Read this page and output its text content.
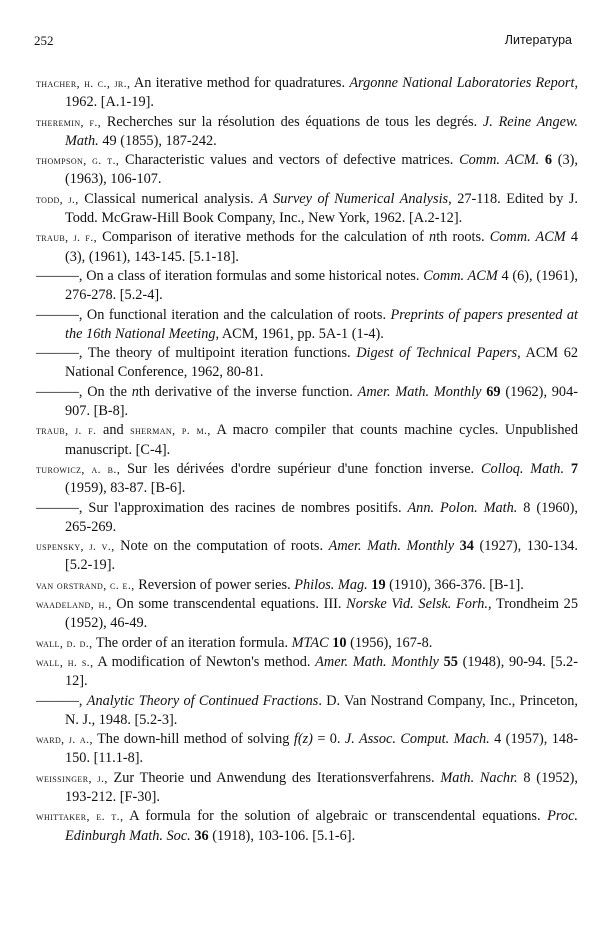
252	Литература

thacher, h. c., jr., An iterative method for quadratures. Argonne National Laboratories Report, 1962. [A.1-19].

theremin, f., Recherches sur la résolution des équations de tous les degrés. J. Reine Angew. Math. 49 (1855), 187-242.

thompson, g. t., Characteristic values and vectors of defective matrices. Comm. ACM. 6 (3), (1963), 106-107.

todd, j., Classical numerical analysis. A Survey of Numerical Analysis, 27-118. Edited by J. Todd. McGraw-Hill Book Company, Inc., New York, 1962. [A.2-12].

traub, j. f., Comparison of iterative methods for the calculation of nth roots. Comm. ACM 4 (3), (1961), 143-145. [5.1-18].

———, On a class of iteration formulas and some historical notes. Comm. ACM 4 (6), (1961), 276-278. [5.2-4].

———, On functional iteration and the calculation of roots. Preprints of papers presented at the 16th National Meeting, ACM, 1961, pp. 5A-1 (1-4).

———, The theory of multipoint iteration functions. Digest of Technical Papers, ACM 62 National Conference, 1962, 80-81.

———, On the nth derivative of the inverse function. Amer. Math. Monthly 69 (1962), 904-907. [B-8].

traub, j. f. and sherman, p. m., A macro compiler that counts machine cycles. Unpublished manuscript. [C-4].

turowicz, a. b., Sur les dérivées d'ordre supérieur d'une fonction inverse. Colloq. Math. 7 (1959), 83-87. [B-6].

———, Sur l'approximation des racines de nombres positifs. Ann. Polon. Math. 8 (1960), 265-269.

uspensky, j. v., Note on the computation of roots. Amer. Math. Monthly 34 (1927), 130-134. [5.2-19].

van orstrand, c. e., Reversion of power series. Philos. Mag. 19 (1910), 366-376. [B-1].

waadeland, h., On some transcendental equations. III. Norske Vid. Selsk. Forh., Trondheim 25 (1952), 46-49.

wall, d. d., The order of an iteration formula. MTAC 10 (1956), 167-8.

wall, h. s., A modification of Newton's method. Amer. Math. Monthly 55 (1948), 90-94. [5.2-12].

———, Analytic Theory of Continued Fractions. D. Van Nostrand Company, Inc., Princeton, N. J., 1948. [5.2-3].

ward, j. a., The down-hill method of solving f(z) = 0. J. Assoc. Comput. Mach. 4 (1957), 148-150. [11.1-8].

weissinger, j., Zur Theorie und Anwendung des Iterationsverfahrens. Math. Nachr. 8 (1952), 193-212. [F-30].

whittaker, e. t., A formula for the solution of algebraic or transcendental equations. Proc. Edinburgh Math. Soc. 36 (1918), 103-106. [5.1-6].
